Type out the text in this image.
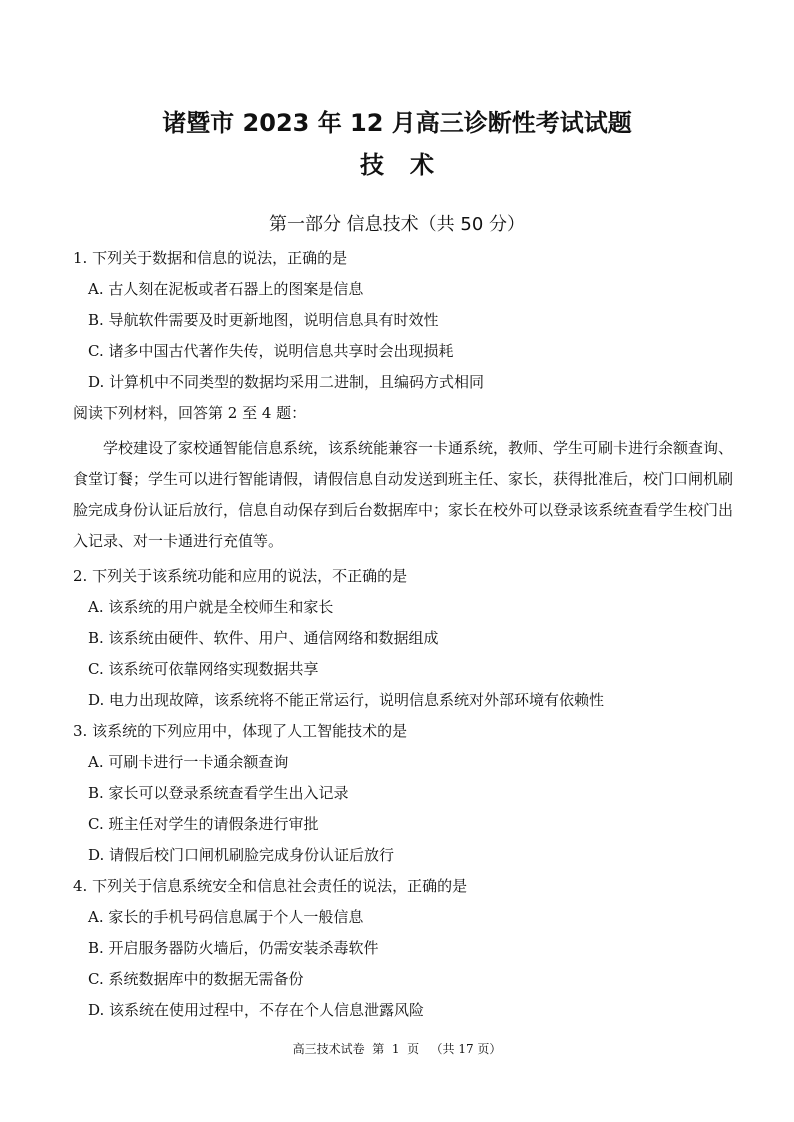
诸暨市 2023 年 12 月高三诊断性考试试题
技术
第一部分 信息技术（共 50 分）
1. 下列关于数据和信息的说法，正确的是
A. 古人刻在泥板或者石器上的图案是信息
B. 导航软件需要及时更新地图，说明信息具有时效性
C. 诸多中国古代著作失传，说明信息共享时会出现损耗
D. 计算机中不同类型的数据均采用二进制，且编码方式相同
阅读下列材料，回答第 2 至 4 题：
学校建设了家校通智能信息系统，该系统能兼容一卡通系统，教师、学生可刷卡进行余额查询、食堂订餐；学生可以进行智能请假，请假信息自动发送到班主任、家长，获得批准后，校门口闸机刷脸完成身份认证后放行，信息自动保存到后台数据库中；家长在校外可以登录该系统查看学生校门出入记录、对一卡通进行充值等。
2. 下列关于该系统功能和应用的说法，不正确的是
A. 该系统的用户就是全校师生和家长
B. 该系统由硬件、软件、用户、通信网络和数据组成
C. 该系统可依靠网络实现数据共享
D. 电力出现故障，该系统将不能正常运行，说明信息系统对外部环境有依赖性
3. 该系统的下列应用中，体现了人工智能技术的是
A. 可刷卡进行一卡通余额查询
B. 家长可以登录系统查看学生出入记录
C. 班主任对学生的请假条进行审批
D. 请假后校门口闸机刷脸完成身份认证后放行
4. 下列关于信息系统安全和信息社会责任的说法，正确的是
A. 家长的手机号码信息属于个人一般信息
B. 开启服务器防火墙后，仍需安装杀毒软件
C. 系统数据库中的数据无需备份
D. 该系统在使用过程中，不存在个人信息泄露风险
高三技术试卷  第  1  页   （共 17 页）
